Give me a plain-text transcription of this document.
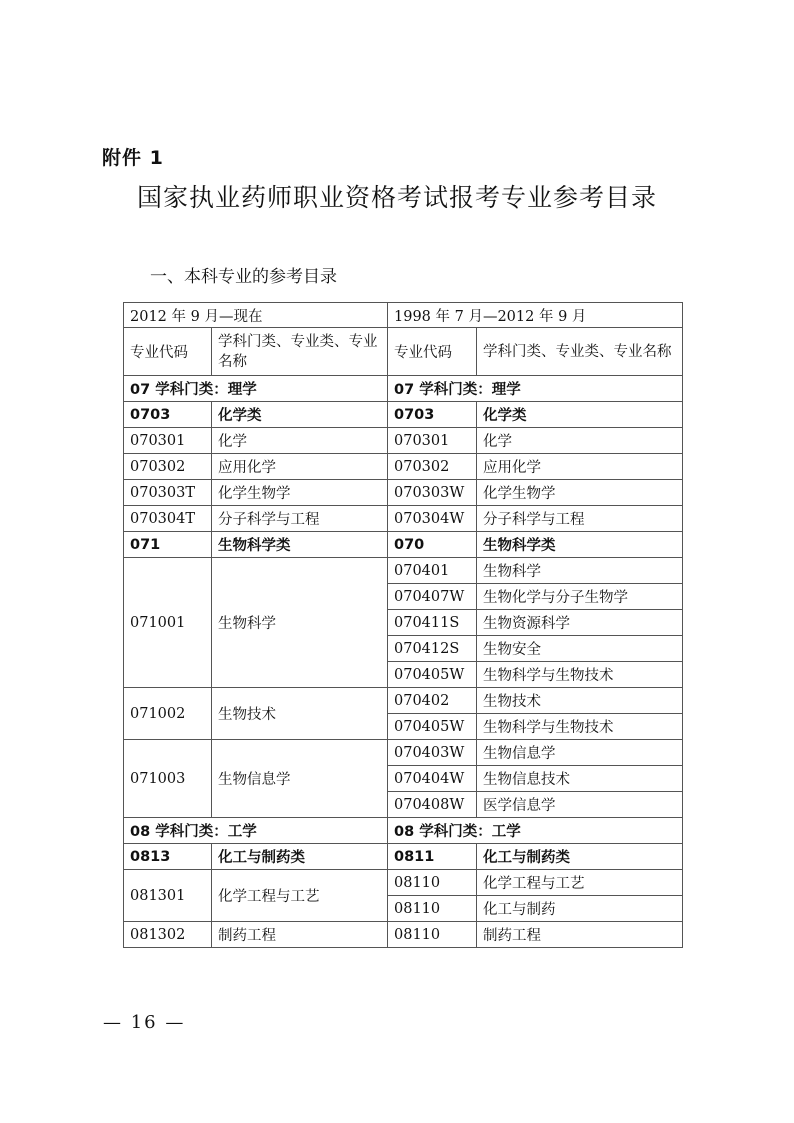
附件 1
国家执业药师职业资格考试报考专业参考目录
一、本科专业的参考目录
2012 年 9 月—现在		1998 年 7 月—2012 年 9 月	
专业代码	学科门类、专业类、专业名称	专业代码	学科门类、专业类、专业名称
07 学科门类：理学		07 学科门类：理学	
0703	化学类	0703	化学类
070301	化学	070301	化学
070302	应用化学	070302	应用化学
070303T	化学生物学	070303W	化学生物学
070304T	分子科学与工程	070304W	分子科学与工程
071	生物科学类	070	生物科学类
071001	生物科学	070401	生物科学
		070407W	生物化学与分子生物学
		070411S	生物资源科学
		070412S	生物安全
		070405W	生物科学与生物技术
071002	生物技术	070402	生物技术
		070405W	生物科学与生物技术
071003	生物信息学	070403W	生物信息学
		070404W	生物信息技术
		070408W	医学信息学
08 学科门类：工学		08 学科门类：工学	
0813	化工与制药类	0811	化工与制药类
081301	化学工程与工艺	08110	化学工程与工艺
		08110	化工与制药
081302	制药工程	08110	制药工程
— 16 —
